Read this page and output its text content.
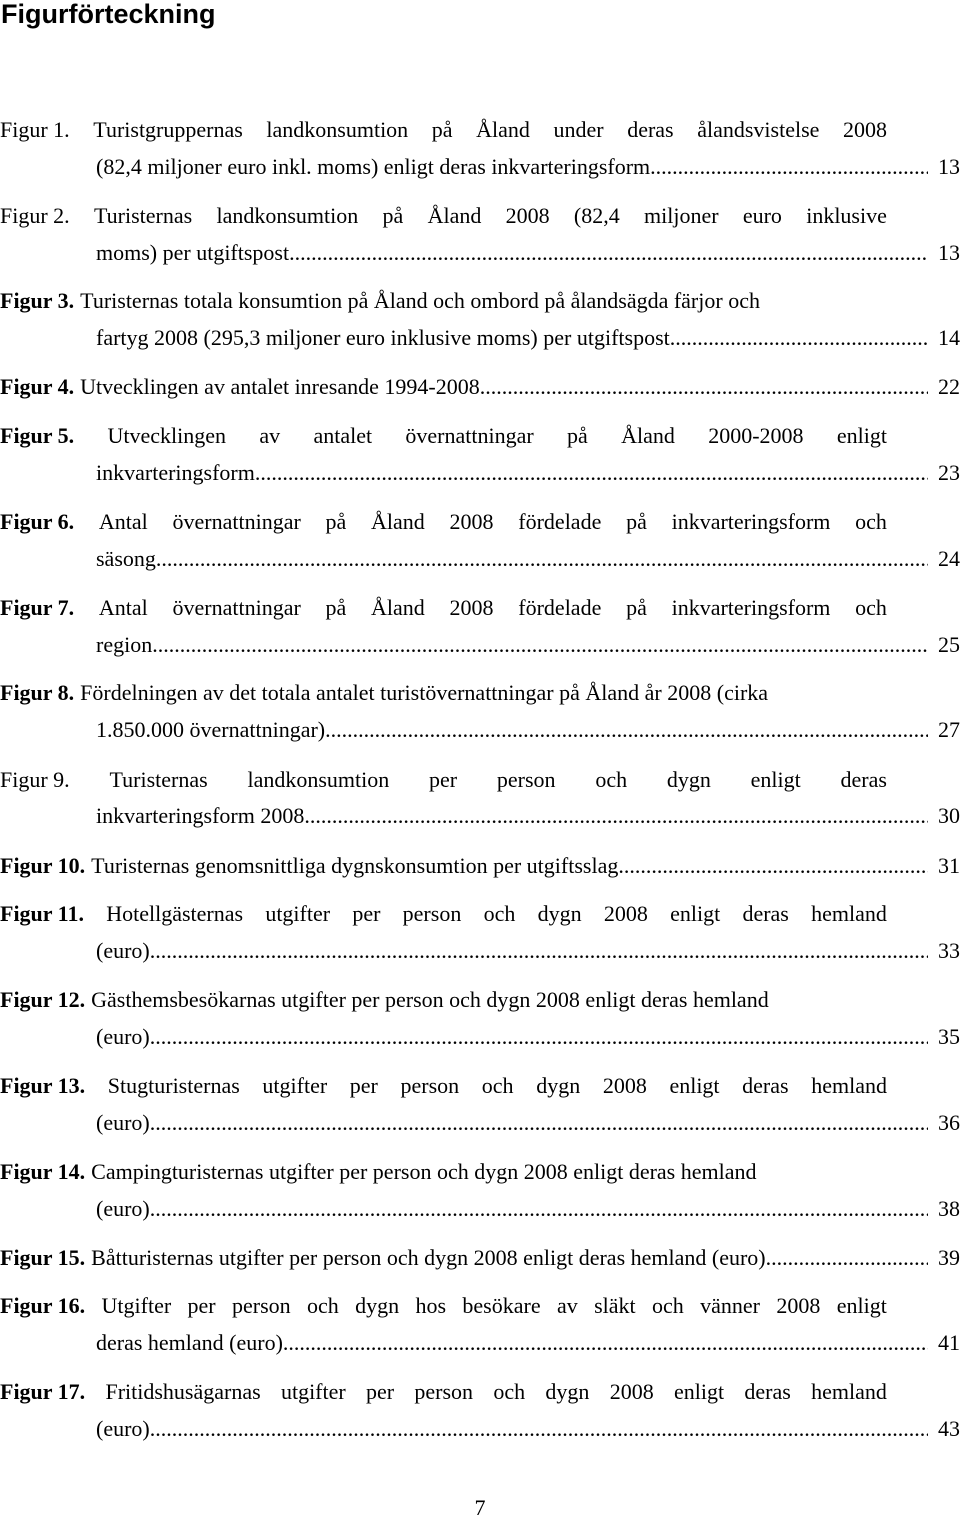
Figurförteckning
Figur 1. Turistgruppernas landkonsumtion på Åland under deras ålandsvistelse 2008
(82,4 miljoner euro inkl. moms) enligt deras inkvarteringsform. .....	13
Figur 2. Turisternas landkonsumtion på Åland 2008 (82,4 miljoner euro inklusive
moms) per utgiftspost. .....	13
Figur 3. Turisternas totala konsumtion på Åland och ombord på ålandsägda färjor och
fartyg 2008 (295,3 miljoner euro inklusive moms) per utgiftspost .....	14
Figur 4. Utvecklingen av antalet inresande 1994-2008 .....	22
Figur 5. Utvecklingen av antalet övernattningar på Åland 2000-2008 enligt
inkvarteringsform .....	23
Figur 6. Antal övernattningar på Åland 2008 fördelade på inkvarteringsform och
säsong .....	24
Figur 7. Antal övernattningar på Åland 2008 fördelade på inkvarteringsform och
region .....	25
Figur 8. Fördelningen av det totala antalet turistövernattningar på Åland år 2008 (cirka
1.850.000 övernattningar) .....	27
Figur 9. Turisternas landkonsumtion per person och dygn enligt deras
inkvarteringsform 2008 .....	30
Figur 10. Turisternas genomsnittliga dygnskonsumtion per utgiftsslag .....	31
Figur 11. Hotellgästernas utgifter per person och dygn 2008 enligt deras hemland
(euro) .....	33
Figur 12. Gästhemsbesökarnas utgifter per person och dygn 2008 enligt deras hemland
(euro) .....	35
Figur 13. Stugturisternas utgifter per person och dygn 2008 enligt deras hemland
(euro) .....	36
Figur 14. Campingturisternas utgifter per person och dygn 2008 enligt deras hemland
(euro) .....	38
Figur 15. Båtturisternas utgifter per person och dygn 2008 enligt deras hemland (euro) .....	39
Figur 16. Utgifter per person och dygn hos besökare av släkt och vänner 2008 enligt
deras hemland (euro) .....	41
Figur 17. Fritidshusägarnas utgifter per person och dygn 2008 enligt deras hemland
(euro) .....	43
7
